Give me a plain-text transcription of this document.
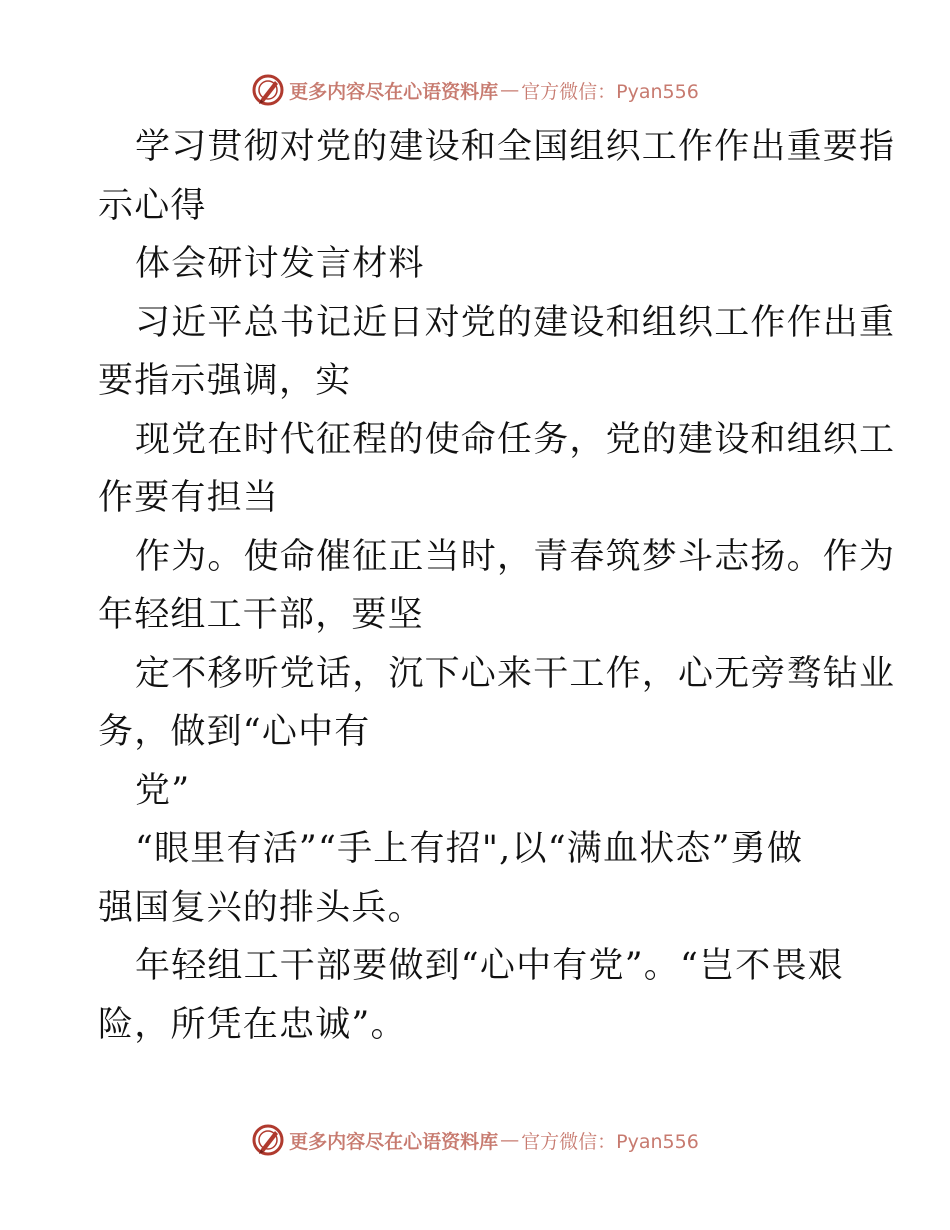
更多内容尽在心语资料库 — 官方微信：Pyan556
学习贯彻对党的建设和全国组织工作作出重要指
示心得
体会研讨发言材料
习近平总书记近日对党的建设和组织工作作出重
要指示强调，实
现党在时代征程的使命任务，党的建设和组织工
作要有担当
作为。使命催征正当时，青春筑梦斗志扬。作为
年轻组工干部，要坚
定不移听党话，沉下心来干工作，心无旁骛钻业
务，做到“心中有
党”
“眼里有活”“手上有招",以“满血状态”勇做
强国复兴的排头兵。
年轻组工干部要做到“心中有党”。“岂不畏艰
险，所凭在忠诚”。
更多内容尽在心语资料库 — 官方微信：Pyan556
